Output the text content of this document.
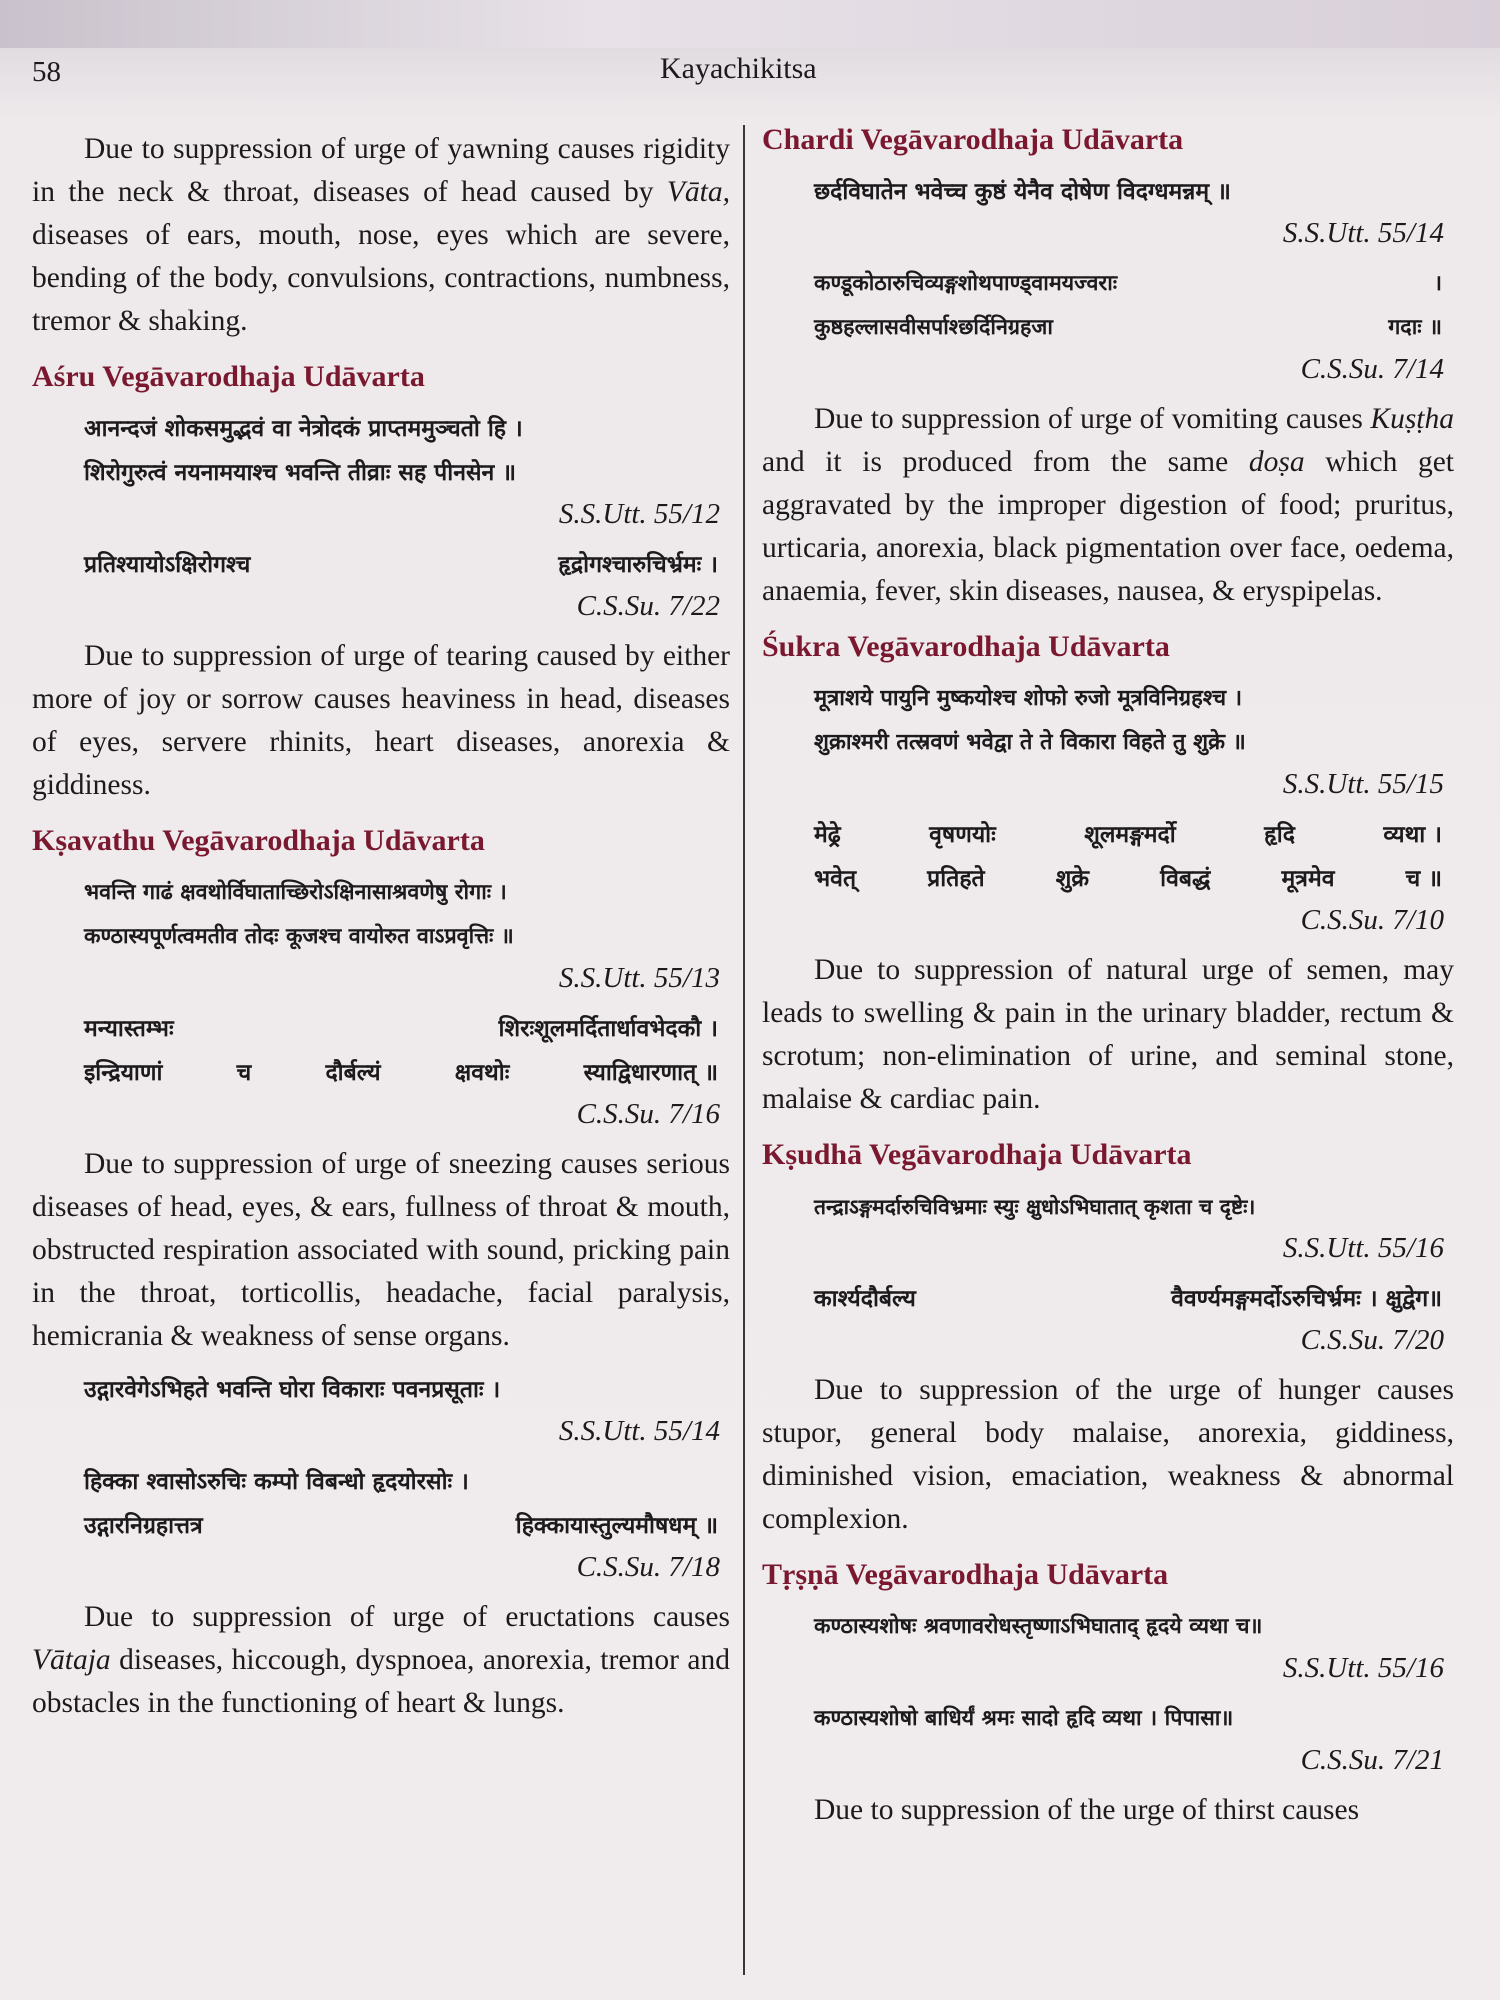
58	Kayachikitsa

Due to suppression of urge of yawning causes rigidity in the neck & throat, diseases of head caused by Vāta, diseases of ears, mouth, nose, eyes which are severe, bending of the body, convulsions, contractions, numbness, tremor & shaking.

Aśru Vegāvarodhaja Udāvarta
आनन्दजं शोकसमुद्भवं वा नेत्रोदकं प्राप्तममुञ्चतो हि ।
शिरोगुरुत्वं नयनामयाश्च भवन्ति तीव्राः सह पीनसेन ॥
S.S.Utt. 55/12
प्रतिश्यायोऽक्षिरोगश्च	हृद्रोगश्चारुचिर्भ्रमः ।
C.S.Su. 7/22

Due to suppression of urge of tearing caused by either more of joy or sorrow causes heaviness in head, diseases of eyes, servere rhinits, heart diseases, anorexia & giddiness.

Kṣavathu Vegāvarodhaja Udāvarta
भवन्ति गाढं क्षवथोर्विघाताच्छिरोऽक्षिनासाश्रवणेषु रोगाः ।
कण्ठास्यपूर्णत्वमतीव तोदः कूजश्च वायोरुत वाऽप्रवृत्तिः ॥
S.S.Utt. 55/13
मन्यास्तम्भः	शिरःशूलमर्दितार्धावभेदकौ ।
इन्द्रियाणां	च	दौर्बल्यं	क्षवथोः	स्याद्विधारणात् ॥
C.S.Su. 7/16

Due to suppression of urge of sneezing causes serious diseases of head, eyes, & ears, fullness of throat & mouth, obstructed respiration associated with sound, pricking pain in the throat, torticollis, headache, facial paralysis, hemicrania & weakness of sense organs.

उद्गारवेगेऽभिहते भवन्ति घोरा विकाराः पवनप्रसूताः ।
S.S.Utt. 55/14
हिक्का श्वासोऽरुचिः कम्पो विबन्धो हृदयोरसोः ।
उद्गारनिग्रहात्तत्र	हिक्कायास्तुल्यमौषधम् ॥
C.S.Su. 7/18

Due to suppression of urge of eructations causes Vātaja diseases, hiccough, dyspnoea, anorexia, tremor and obstacles in the functioning of heart & lungs.

Chardi Vegāvarodhaja Udāvarta
छर्दविघातेन भवेच्च कुष्ठं येनैव दोषेण विदग्धमन्नम् ॥
S.S.Utt. 55/14
कण्डूकोठारुचिव्यङ्गशोथपाण्ड्वामयज्वराः	।
कुष्ठहल्लासवीसर्पाश्छर्दिनिग्रहजा	गदाः ॥
C.S.Su. 7/14

Due to suppression of urge of vomiting causes Kuṣṭha and it is produced from the same doṣa which get aggravated by the improper digestion of food; pruritus, urticaria, anorexia, black pigmentation over face, oedema, anaemia, fever, skin diseases, nausea, & eryspipelas.

Śukra Vegāvarodhaja Udāvarta
मूत्राशये पायुनि मुष्कयोश्च शोफो रुजो मूत्रविनिग्रहश्च ।
शुक्राश्मरी तत्स्रवणं भवेद्वा ते ते विकारा विहते तु शुक्रे ॥
S.S.Utt. 55/15
मेढ्रे	वृषणयोः	शूलमङ्गमर्दो	हृदि	व्यथा ।
भवेत्	प्रतिहते	शुक्रे	विबद्धं	मूत्रमेव	च ॥
C.S.Su. 7/10

Due to suppression of natural urge of semen, may leads to swelling & pain in the urinary bladder, rectum & scrotum; non-elimination of urine, and seminal stone, malaise & cardiac pain.

Kṣudhā Vegāvarodhaja Udāvarta
तन्द्राऽङ्गमर्दारुचिविभ्रमाः स्युः क्षुधोऽभिघातात् कृशता च दृष्टेः।
S.S.Utt. 55/16
कार्श्यदौर्बल्य	वैवर्ण्यमङ्गमर्दोऽरुचिर्भ्रमः । क्षुद्वेग॥
C.S.Su. 7/20

Due to suppression of the urge of hunger causes stupor, general body malaise, anorexia, giddiness, diminished vision, emaciation, weakness & abnormal complexion.

Tṛṣṇā Vegāvarodhaja Udāvarta
कण्ठास्यशोषः श्रवणावरोधस्तृष्णाऽभिघाताद् हृदये व्यथा च॥
S.S.Utt. 55/16
कण्ठास्यशोषो बाधिर्यं श्रमः सादो हृदि व्यथा । पिपासा॥
C.S.Su. 7/21

Due to suppression of the urge of thirst causes
